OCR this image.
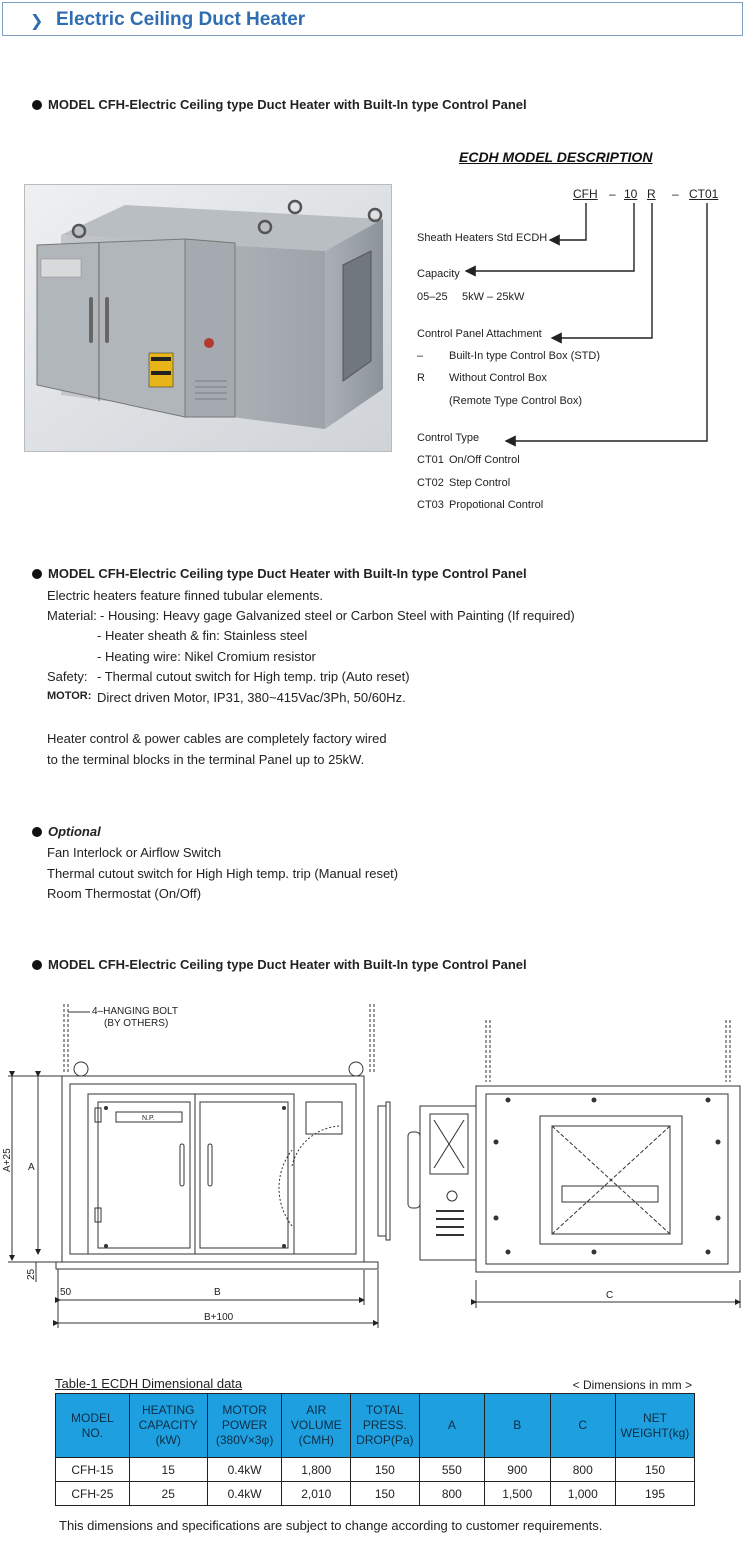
❯ Electric Ceiling Duct Heater
MODEL CFH-Electric Ceiling type Duct Heater with Built-In type Control Panel
ECDH MODEL DESCRIPTION
CFH – 10 R – CT01
Sheath Heaters Std ECDH
Capacity
05–25 5kW – 25kW
Control Panel Attachment
– Built-In type Control Box (STD)
R Without Control Box
(Remote Type Control Box)
Control Type
CT01 On/Off Control
CT02 Step Control
CT03 Propotional Control
MODEL CFH-Electric Ceiling type Duct Heater with Built-In type Control Panel
Electric heaters feature finned tubular elements.
Material: - Housing: Heavy gage Galvanized steel or Carbon Steel with Painting (If required)
- Heater sheath & fin: Stainless steel
- Heating wire: Nikel Cromium resistor
Safety: - Thermal cutout switch for High temp. trip (Auto reset)
MOTOR: Direct driven Motor, IP31, 380~415Vac/3Ph, 50/60Hz.
Heater control & power cables are completely factory wired
to the terminal blocks in the terminal Panel up to 25kW.
Optional
Fan Interlock or Airflow Switch
Thermal cutout switch for High High temp. trip (Manual reset)
Room Thermostat (On/Off)
MODEL CFH-Electric Ceiling type Duct Heater with Built-In type Control Panel
4–HANGING BOLT
(BY OTHERS)
N.P.
A+25 A
25
50	B
B+100
C
Table-1 ECDH Dimensional data	< Dimensions in mm >
MODEL
NO.	HEATING
CAPACITY
(kW)	MOTOR
POWER
(380V×3φ)	AIR
VOLUME
(CMH)	TOTAL
PRESS.
DROP(Pa)	A	B	C	NET
WEIGHT(kg)
CFH-15	15	0.4kW	1,800	150	550	900	800	150
CFH-25	25	0.4kW	2,010	150	800	1,500	1,000	195
This dimensions and specifications are subject to change according to customer requirements.
